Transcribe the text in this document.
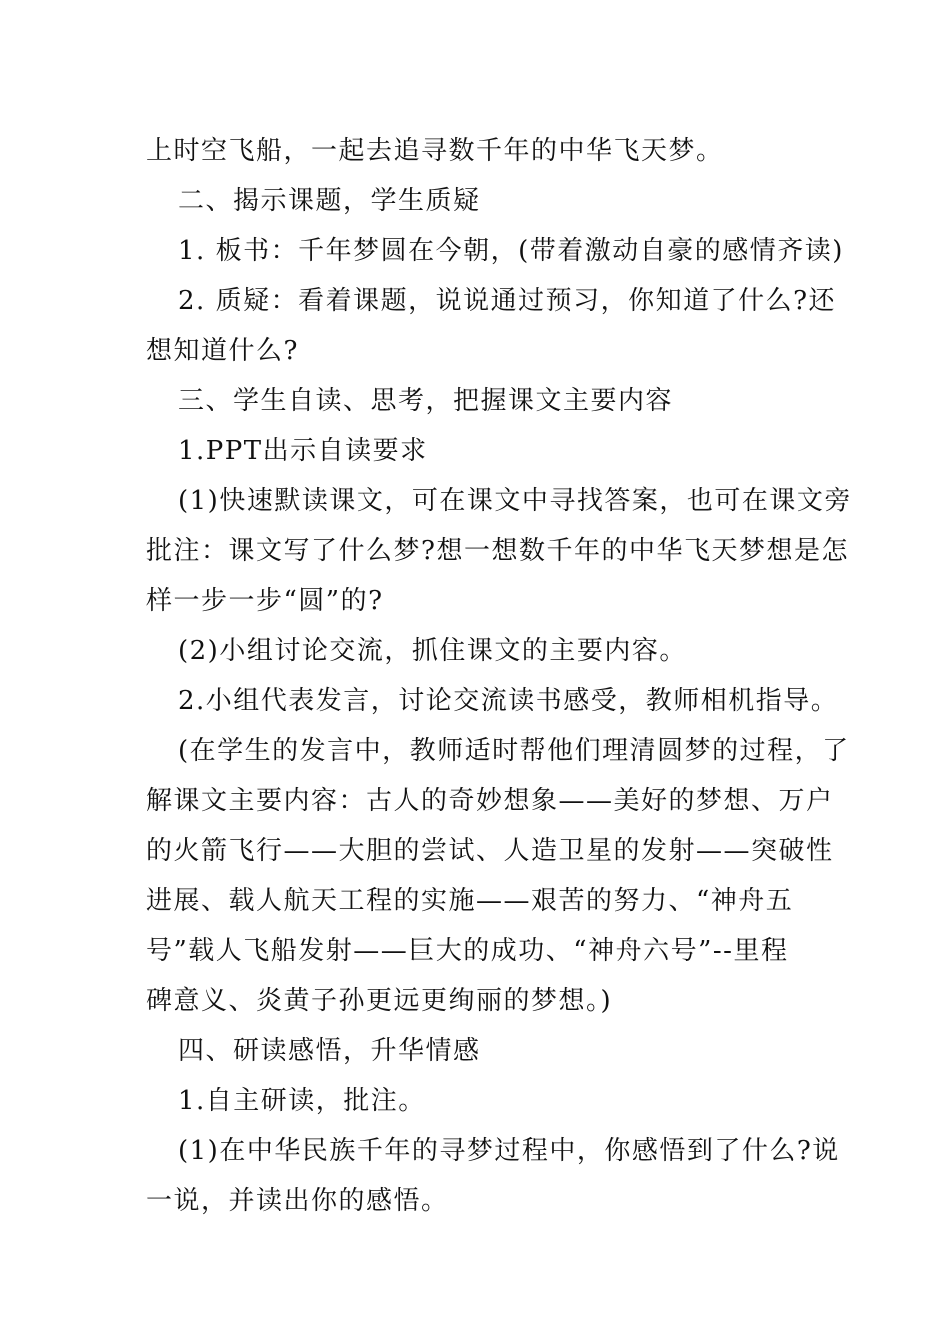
上时空飞船，一起去追寻数千年的中华飞天梦。
二、揭示课题，学生质疑
1. 板书：千年梦圆在今朝，(带着激动自豪的感情齐读)
2. 质疑：看着课题，说说通过预习，你知道了什么?还
想知道什么?
三、学生自读、思考，把握课文主要内容
1.PPT出示自读要求
(1)快速默读课文，可在课文中寻找答案，也可在课文旁
批注：课文写了什么梦?想一想数千年的中华飞天梦想是怎
样一步一步“圆”的?
(2)小组讨论交流，抓住课文的主要内容。
2.小组代表发言，讨论交流读书感受，教师相机指导。
(在学生的发言中，教师适时帮他们理清圆梦的过程，了
解课文主要内容：古人的奇妙想象——美好的梦想、万户
的火箭飞行——大胆的尝试、人造卫星的发射——突破性
进展、载人航天工程的实施——艰苦的努力、“神舟五
号”载人飞船发射——巨大的成功、“神舟六号”--里程
碑意义、炎黄子孙更远更绚丽的梦想。)
四、研读感悟，升华情感
1.自主研读，批注。
(1)在中华民族千年的寻梦过程中，你感悟到了什么?说
一说，并读出你的感悟。
